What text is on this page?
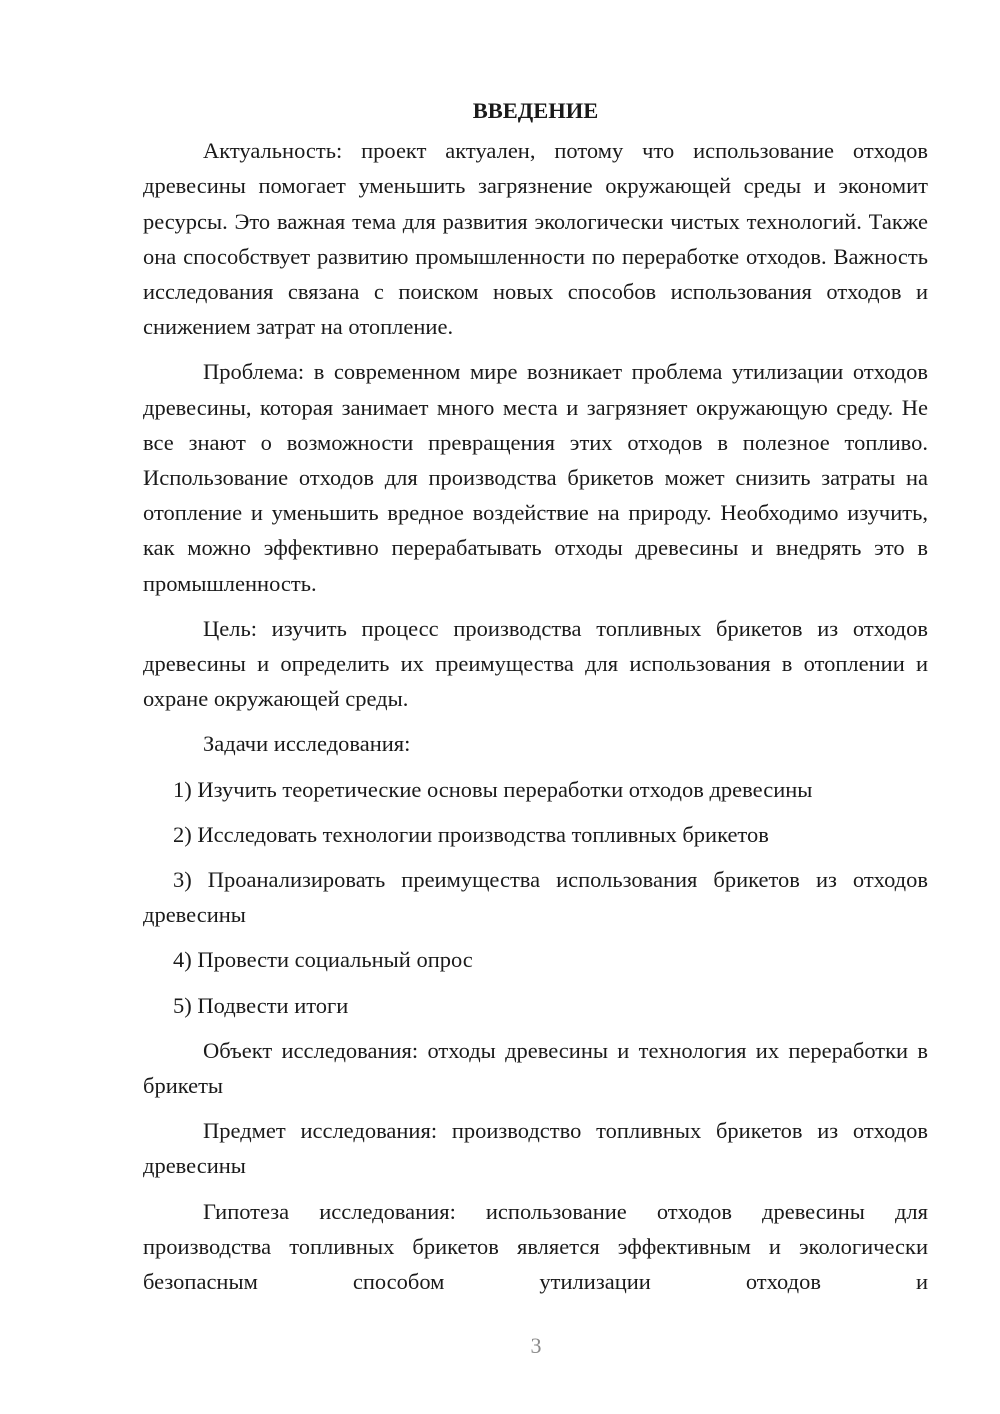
ВВЕДЕНИЕ

Актуальность: проект актуален, потому что использование отходов древесины помогает уменьшить загрязнение окружающей среды и экономит ресурсы. Это важная тема для развития экологически чистых технологий. Также она способствует развитию промышленности по переработке отходов. Важность исследования связана с поиском новых способов использования отходов и снижением затрат на отопление.

Проблема: в современном мире возникает проблема утилизации отходов древесины, которая занимает много места и загрязняет окружающую среду. Не все знают о возможности превращения этих отходов в полезное топливо. Использование отходов для производства брикетов может снизить затраты на отопление и уменьшить вредное воздействие на природу. Необходимо изучить, как можно эффективно перерабатывать отходы древесины и внедрять это в промышленность.

Цель: изучить процесс производства топливных брикетов из отходов древесины и определить их преимущества для использования в отоплении и охране окружающей среды.

Задачи исследования:

1) Изучить теоретические основы переработки отходов древесины

2) Исследовать технологии производства топливных брикетов

3) Проанализировать преимущества использования брикетов из отходов древесины

4) Провести социальный опрос

5) Подвести итоги

Объект исследования: отходы древесины и технология их переработки в брикеты

Предмет исследования: производство топливных брикетов из отходов древесины

Гипотеза исследования: использование отходов древесины для производства топливных брикетов является эффективным и экологически безопасным способом утилизации отходов и

3
